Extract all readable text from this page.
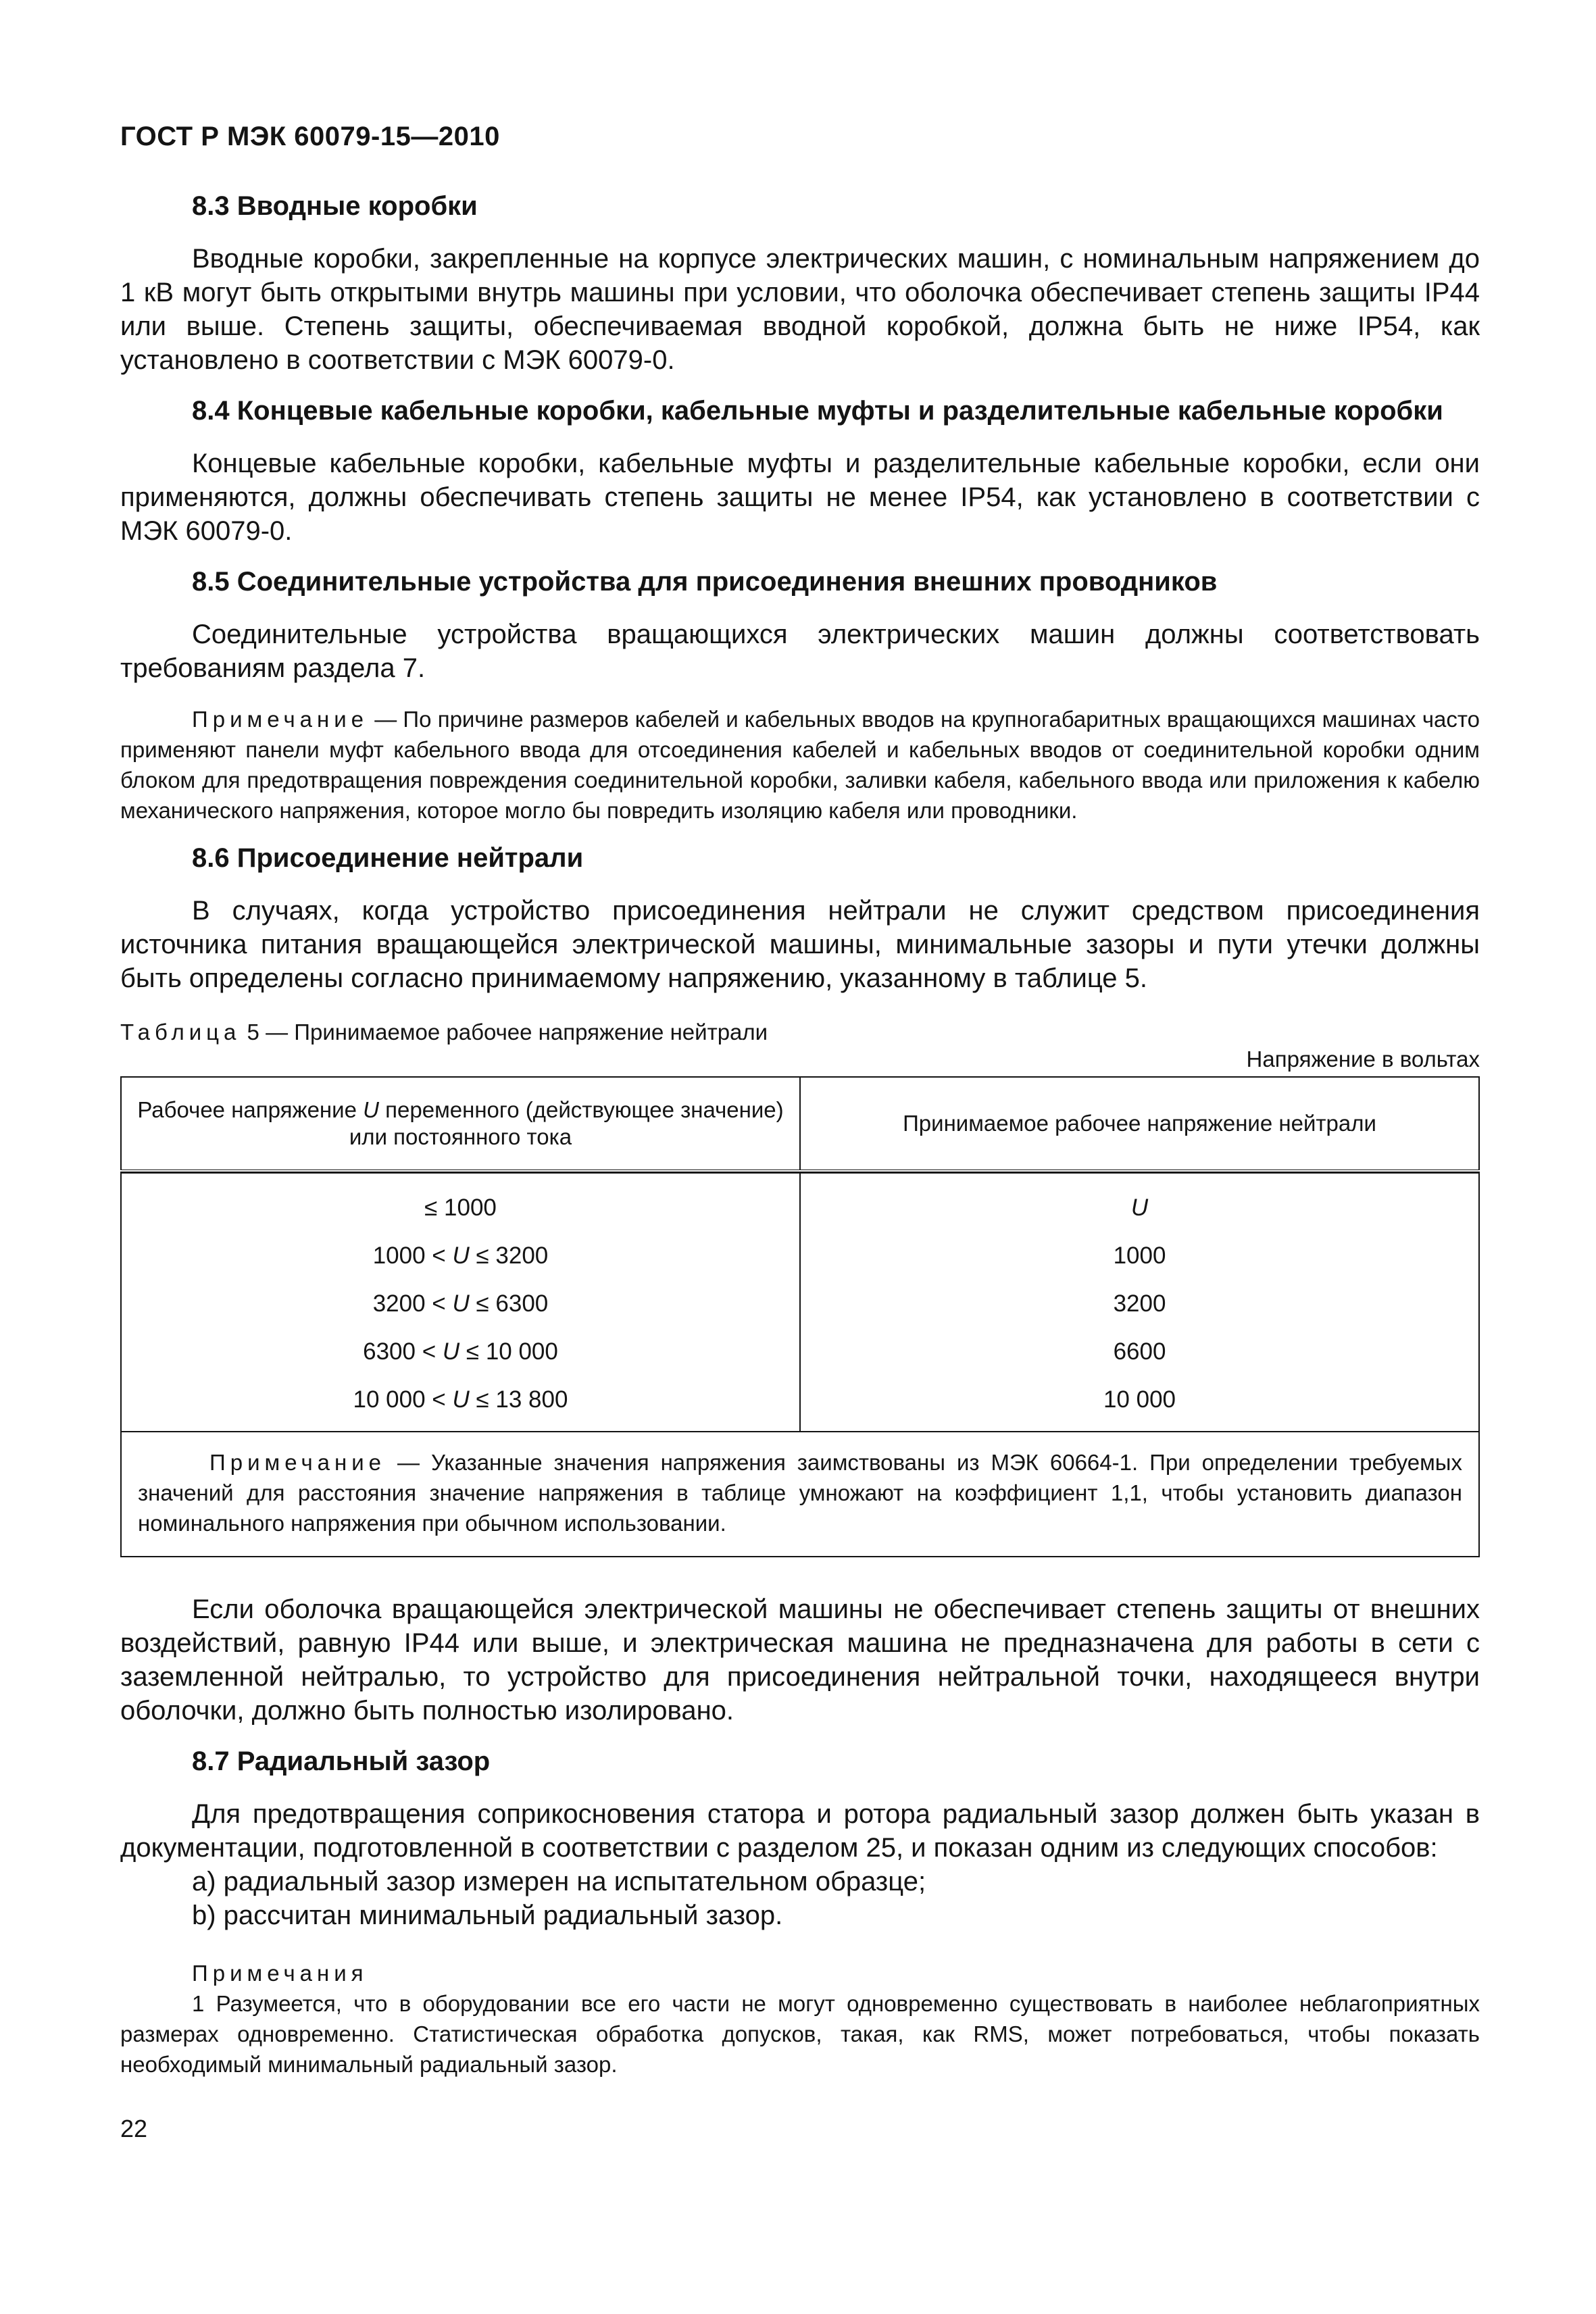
ГОСТ Р МЭК 60079-15—2010
8.3 Вводные коробки

Вводные коробки, закрепленные на корпусе электрических машин, с номинальным напряжением до 1 кВ могут быть открытыми внутрь машины при условии, что оболочка обеспечивает степень защиты IP44 или выше. Степень защиты, обеспечиваемая вводной коробкой, должна быть не ниже IP54, как установлено в соответствии с МЭК 60079-0.

8.4 Концевые кабельные коробки, кабельные муфты и разделительные кабельные коробки

Концевые кабельные коробки, кабельные муфты и разделительные кабельные коробки, если они применяются, должны обеспечивать степень защиты не менее IP54, как установлено в соответствии с МЭК 60079-0.

8.5 Соединительные устройства для присоединения внешних проводников

Соединительные устройства вращающихся электрических машин должны соответствовать требованиям раздела 7.

Примечание — По причине размеров кабелей и кабельных вводов на крупногабаритных вращающихся машинах часто применяют панели муфт кабельного ввода для отсоединения кабелей и кабельных вводов от соединительной коробки одним блоком для предотвращения повреждения соединительной коробки, заливки кабеля, кабельного ввода или приложения к кабелю механического напряжения, которое могло бы повредить изоляцию кабеля или проводники.
8.6 Присоединение нейтрали

В случаях, когда устройство присоединения нейтрали не служит средством присоединения источника питания вращающейся электрической машины, минимальные зазоры и пути утечки должны быть определены согласно принимаемому напряжению, указанному в таблице 5.

Таблица 5 — Принимаемое рабочее напряжение нейтрали
Напряжение в вольтах
Рабочее напряжение U переменного (действующее значение) или постоянного тока	Принимаемое рабочее напряжение нейтрали

≤ 1000	U
1000 < U ≤ 3200	1000
3200 < U ≤ 6300	3200
6300 < U ≤ 10 000	6600
10 000 < U ≤ 13 800	10 000
Примечание — Указанные значения напряжения заимствованы из МЭК 60664-1. При определении требуемых значений для расстояния значение напряжения в таблице умножают на коэффициент 1,1, чтобы установить диапазон номинального напряжения при обычном использовании.	

Если оболочка вращающейся электрической машины не обеспечивает степень защиты от внешних воздействий, равную IP44 или выше, и электрическая машина не предназначена для работы в сети с заземленной нейтралью, то устройство для присоединения нейтральной точки, находящееся внутри оболочки, должно быть полностью изолировано.

8.7 Радиальный зазор

Для предотвращения соприкосновения статора и ротора радиальный зазор должен быть указан в документации, подготовленной в соответствии с разделом 25, и показан одним из следующих способов:

a) радиальный зазор измерен на испытательном образце;

b) рассчитан минимальный радиальный зазор.

Примечания
1 Разумеется, что в оборудовании все его части не могут одновременно существовать в наиболее неблагоприятных размерах одновременно. Статистическая обработка допусков, такая, как RMS, может потребоваться, чтобы показать необходимый минимальный радиальный зазор.
22
